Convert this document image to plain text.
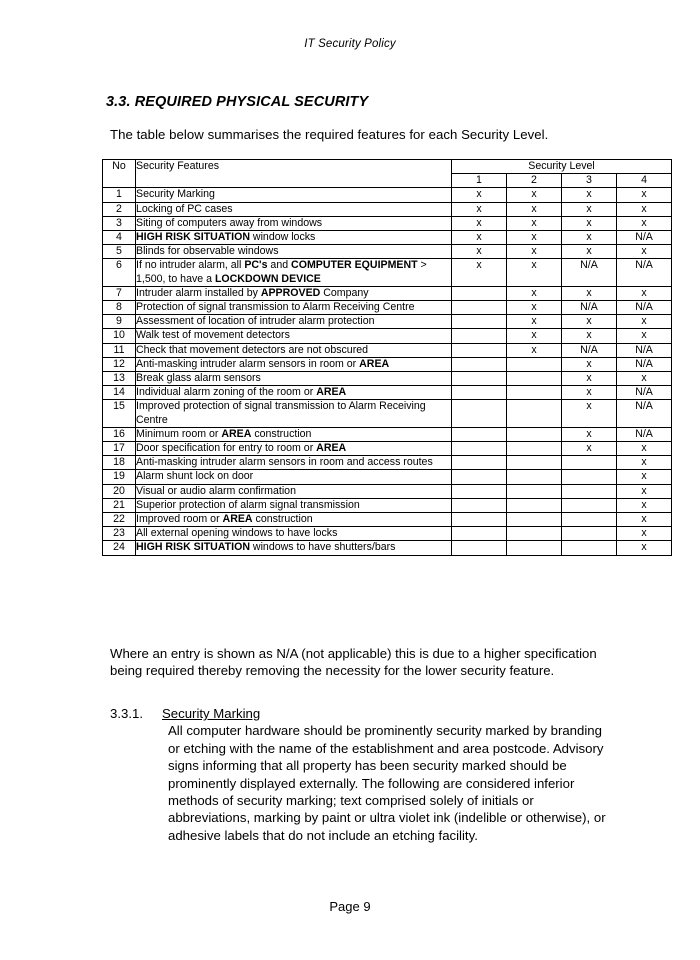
IT Security Policy
3.3. REQUIRED PHYSICAL SECURITY
The table below summarises the required features for each Security Level.
No	Security Features	Security Level			
		1	2	3	4
1	Security Marking	x	x	x	x
2	Locking of PC cases	x	x	x	x
3	Siting of computers away from windows	x	x	x	x
4	HIGH RISK SITUATION window locks	x	x	x	N/A
5	Blinds for observable windows	x	x	x	x
6	If no intruder alarm, all PC's and COMPUTER EQUIPMENT > 1,500, to have a LOCKDOWN DEVICE	x	x	N/A	N/A
7	Intruder alarm installed by APPROVED Company		x	x	x
8	Protection of signal transmission to Alarm Receiving Centre		x	N/A	N/A
9	Assessment of location of intruder alarm protection		x	x	x
10	Walk test of movement detectors		x	x	x
11	Check that movement detectors are not obscured		x	N/A	N/A
12	Anti-masking intruder alarm sensors in room or AREA			x	N/A
13	Break glass alarm sensors			x	x
14	Individual alarm zoning of the room or AREA			x	N/A
15	Improved protection of signal transmission to Alarm Receiving Centre			x	N/A
16	Minimum room or AREA construction			x	N/A
17	Door specification for entry to room or AREA			x	x
18	Anti-masking intruder alarm sensors in room and access routes				x
19	Alarm shunt lock on door				x
20	Visual or audio alarm confirmation				x
21	Superior protection of alarm signal transmission				x
22	Improved room or AREA construction				x
23	All external opening windows to have locks				x
24	HIGH RISK SITUATION windows to have shutters/bars				x
Where an entry is shown as N/A (not applicable) this is due to a higher specification being required thereby removing the necessity for the lower security feature.
3.3.1. Security Marking
All computer hardware should be prominently security marked by branding or etching with the name of the establishment and area postcode. Advisory signs informing that all property has been security marked should be prominently displayed externally. The following are considered inferior methods of security marking; text comprised solely of initials or abbreviations, marking by paint or ultra violet ink (indelible or otherwise), or adhesive labels that do not include an etching facility.
Page 9
